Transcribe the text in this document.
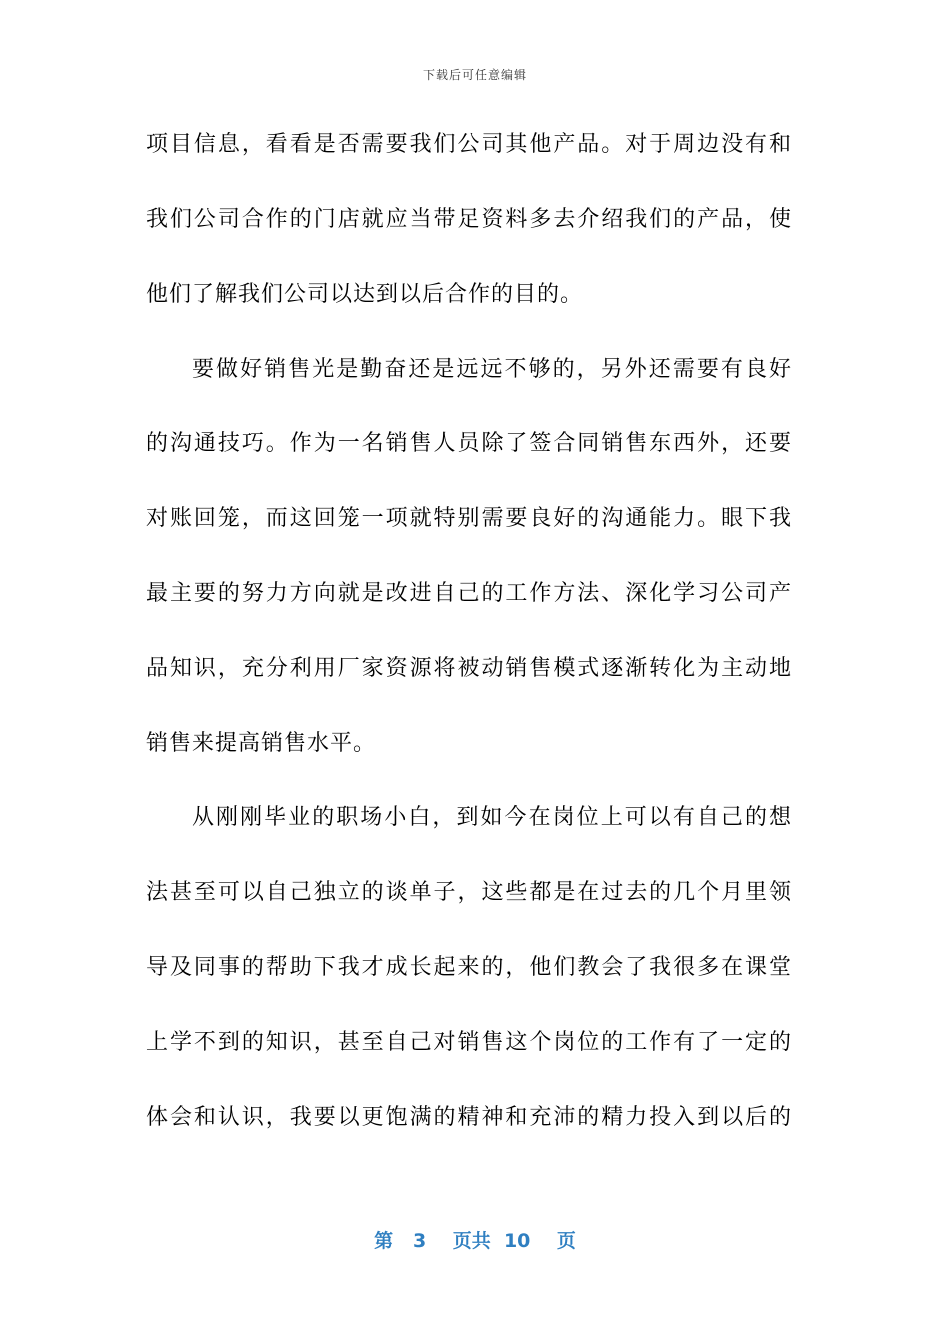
下载后可任意编辑
项目信息，看看是否需要我们公司其他产品。对于周边没有和
我们公司合作的门店就应当带足资料多去介绍我们的产品，使
他们了解我们公司以达到以后合作的目的。
要做好销售光是勤奋还是远远不够的，另外还需要有良好
的沟通技巧。作为一名销售人员除了签合同销售东西外，还要
对账回笼，而这回笼一项就特别需要良好的沟通能力。眼下我
最主要的努力方向就是改进自己的工作方法、深化学习公司产
品知识，充分利用厂家资源将被动销售模式逐渐转化为主动地
销售来提高销售水平。
从刚刚毕业的职场小白，到如今在岗位上可以有自己的想
法甚至可以自己独立的谈单子，这些都是在过去的几个月里领
导及同事的帮助下我才成长起来的，他们教会了我很多在课堂
上学不到的知识，甚至自己对销售这个岗位的工作有了一定的
体会和认识，我要以更饱满的精神和充沛的精力投入到以后的
第 3 页共 10 页
